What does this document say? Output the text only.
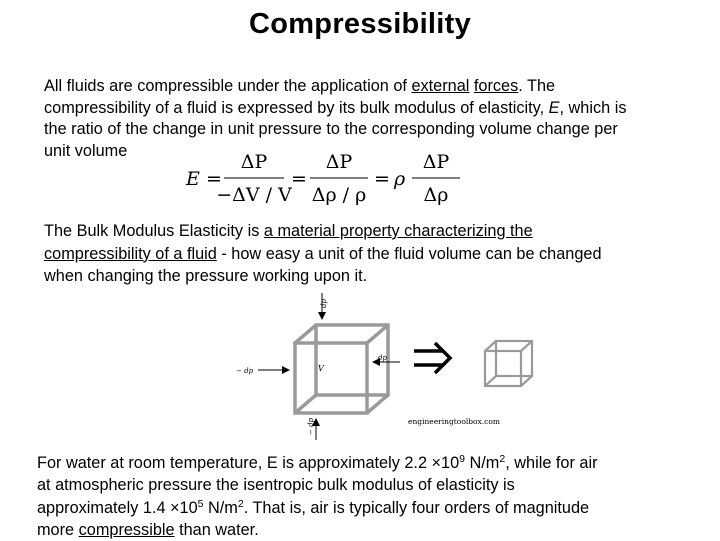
Compressibility
All fluids are compressible under the application of external forces. The
compressibility of a fluid is expressed by its bulk modulus of elasticity, E, which is
the ratio of the change in unit pressure to the corresponding volume change per
unit volume
E =
ΔP
−ΔV / V
=
ΔP
Δρ / ρ
= ρ
ΔP
Δρ
The Bulk Modulus Elasticity is a material property characterizing the
compressibility of a fluid - how easy a unit of the fluid volume can be changed
when changing the pressure working upon it.
dp
− dp	V
dp
− dp	engineeringtoolbox.com
For water at room temperature, E is approximately $2.2 \times 10^9$ $N/m^2$, while for air
at atmospheric pressure the isentropic bulk modulus of elasticity is
approximately $1.4 \times 10^5$ $N/m^2$. That is, air is typically four orders of magnitude
more compressible than water.
